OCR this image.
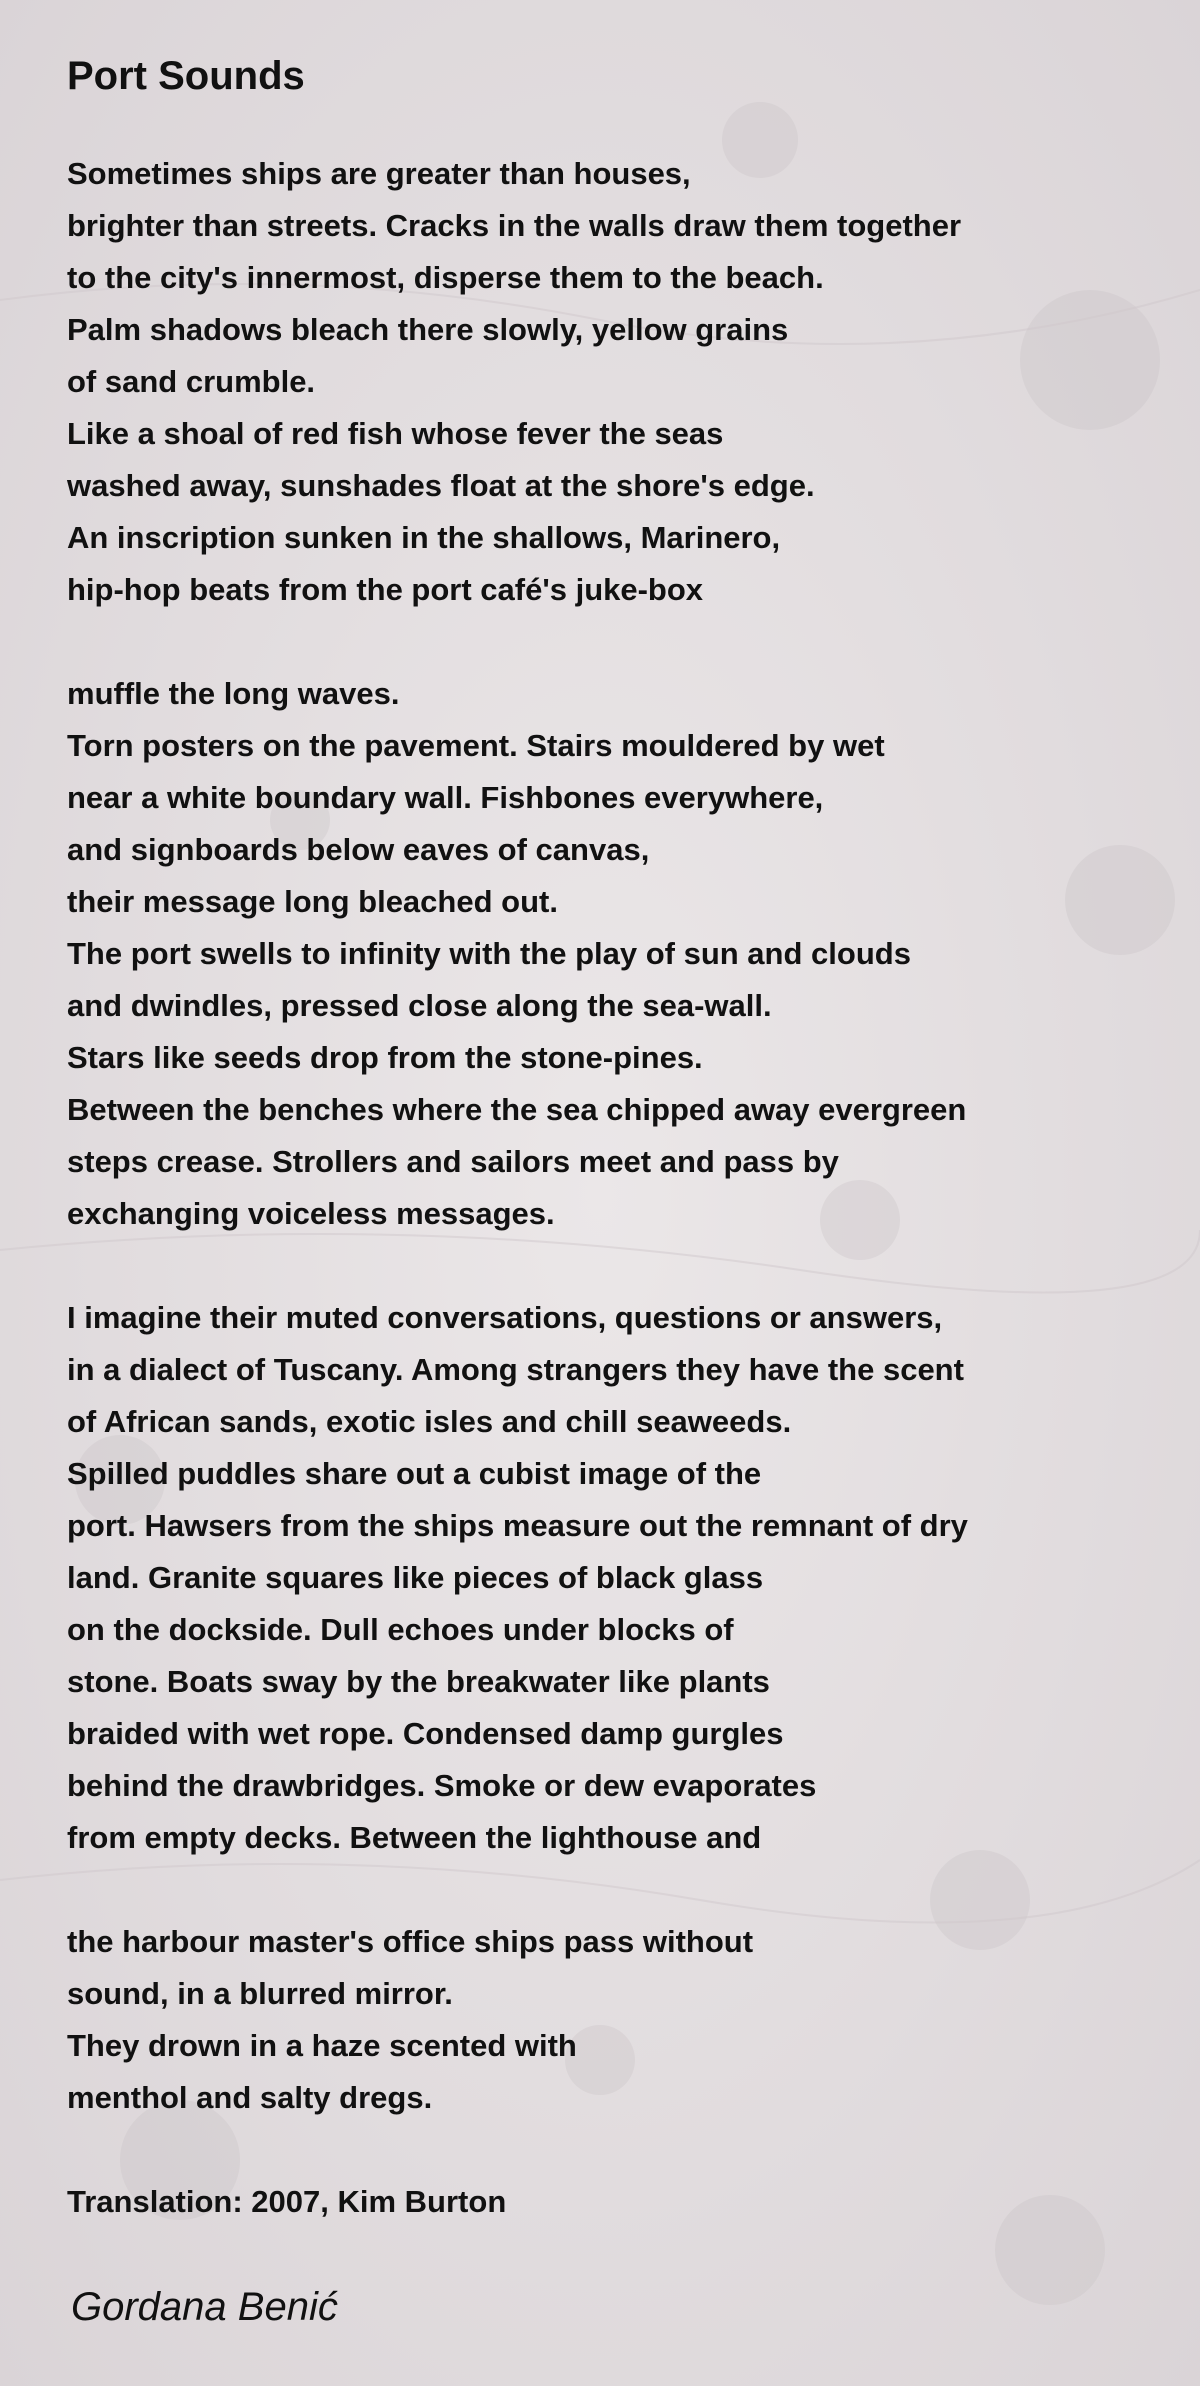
Port Sounds
Sometimes ships are greater than houses,
brighter than streets. Cracks in the walls draw them together
to the city's innermost, disperse them to the beach.
Palm shadows bleach there slowly, yellow grains
of sand crumble.
Like a shoal of red fish whose fever the seas
washed away, sunshades float at the shore's edge.
An inscription sunken in the shallows, Marinero,
hip-hop beats from the port café's juke-box
muffle the long waves.
Torn posters on the pavement. Stairs mouldered by wet
near a white boundary wall. Fishbones everywhere,
and signboards below eaves of canvas,
their message long bleached out.
The port swells to infinity with the play of sun and clouds
and dwindles, pressed close along the sea-wall.
Stars like seeds drop from the stone-pines.
Between the benches where the sea chipped away evergreen
steps crease. Strollers and sailors meet and pass by
exchanging voiceless messages.
I imagine their muted conversations, questions or answers,
in a dialect of Tuscany. Among strangers they have the scent
of African sands, exotic isles and chill seaweeds.
Spilled puddles share out a cubist image of the
port. Hawsers from the ships measure out the remnant of dry
land. Granite squares like pieces of black glass
on the dockside. Dull echoes under blocks of
stone. Boats sway by the breakwater like plants
braided with wet rope. Condensed damp gurgles
behind the drawbridges. Smoke or dew evaporates
from empty decks. Between the lighthouse and
the harbour master's office ships pass without
sound, in a blurred mirror.
They drown in a haze scented with
menthol and salty dregs.
Translation: 2007, Kim Burton
Gordana Benić
